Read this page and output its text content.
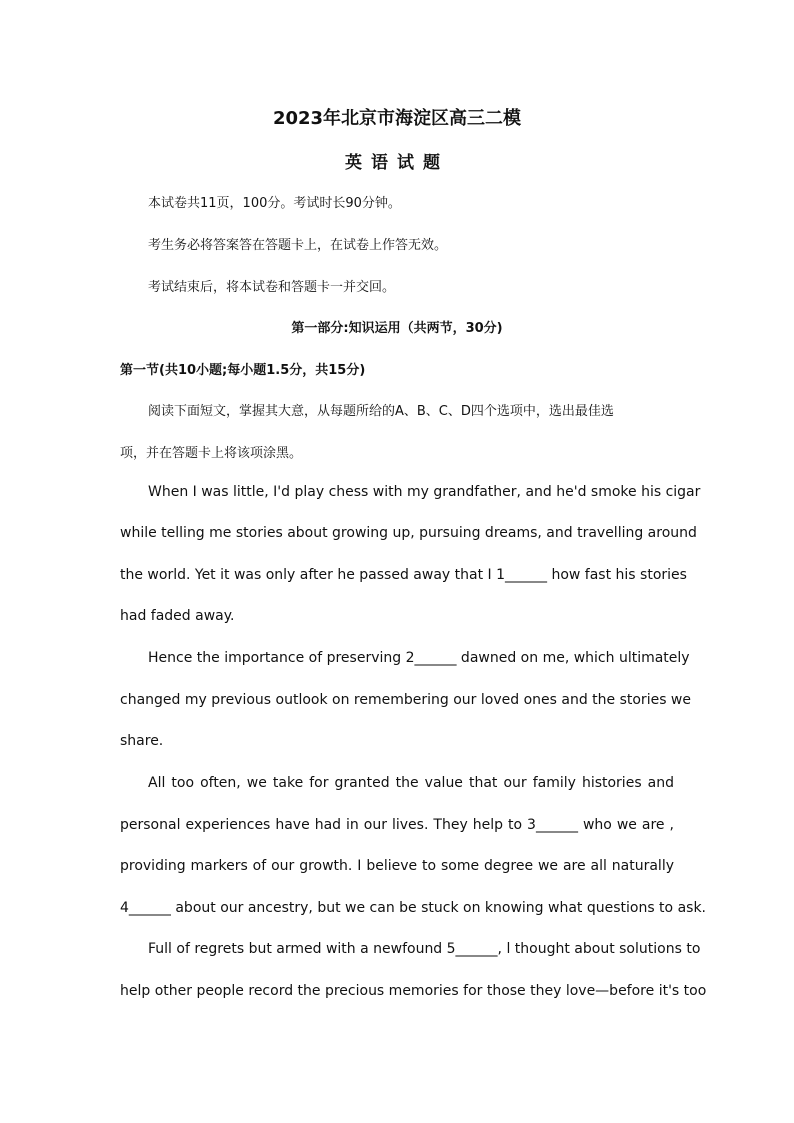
2023年北京市海淀区高三二模
英语试题
本试卷共11页，100分。考试时长90分钟。
考生务必将答案答在答题卡上，在试卷上作答无效。
考试结束后，将本试卷和答题卡一并交回。
第一部分:知识运用（共两节，30分)
第一节(共10小题;每小题1.5分，共15分)
阅读下面短文，掌握其大意，从每题所给的A、B、C、D四个选项中，选出最佳选
项，并在答题卡上将该项涂黑。
When I was little, I'd play chess with my grandfather, and he'd smoke his cigar
while telling me stories about growing up, pursuing dreams, and travelling around
the world. Yet it was only after he passed away that I 1______ how fast his stories
had faded away.
Hence the importance of preserving 2______ dawned on me, which ultimately
changed my previous outlook on remembering our loved ones and the stories we
share.
All too often, we take for granted the value that our family histories and
personal experiences have had in our lives. They help to 3______ who we are ,
providing markers of our growth. I believe to some degree we are all naturally
4______ about our ancestry, but we can be stuck on knowing what questions to ask.
Full of regrets but armed with a newfound 5______, l thought about solutions to
help other people record the precious memories for those they love—before it's too
